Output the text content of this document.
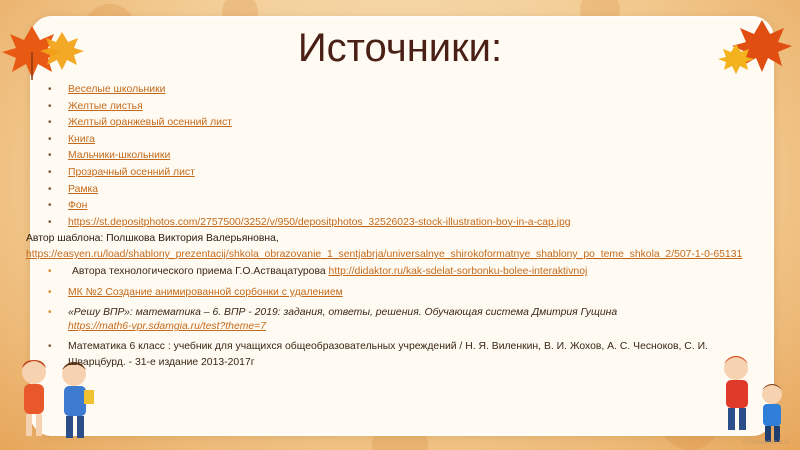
Источники:
• Веселые школьники
• Желтые листья
• Желтый оранжевый осенний лист
• Книга
• Мальчики-школьники
• Прозрачный осенний лист
• Рамка
• Фон
• https://st.depositphotos.com/2757500/3252/v/950/depositphotos_32526023-stock-illustration-boy-in-a-cap.jpg
Автор шаблона: Полшкова Виктория Валерьяновна,
https://easyen.ru/load/shablony_prezentacij/shkola_obrazovanie_1_sentjabrja/universalnye_shirokoformatnye_shablony_po_teme_shkola_2/507-1-0-65131
• Автора технологического приема Г.О.Аствацатурова http://didaktor.ru/kak-sdelat-sorbonku-bolee-interaktivnoj
• МК №2 Создание анимированной сорбонки с удалением
• «Решу ВПР»: математика – 6. ВПР - 2019: задания, ответы, решения. Обучающая система Дмитрия Гущина
https://math6-vpr.sdamgia.ru/test?theme=7
• Математика 6 класс : учебник для учащихся общеобразовательных учреждений / Н. Я. Виленкин, В. И. Жохов, А. С. Чесноков, С. И. Шварцбурд. - 31-е издание 2013-2017г
© Полшкова В.В.
